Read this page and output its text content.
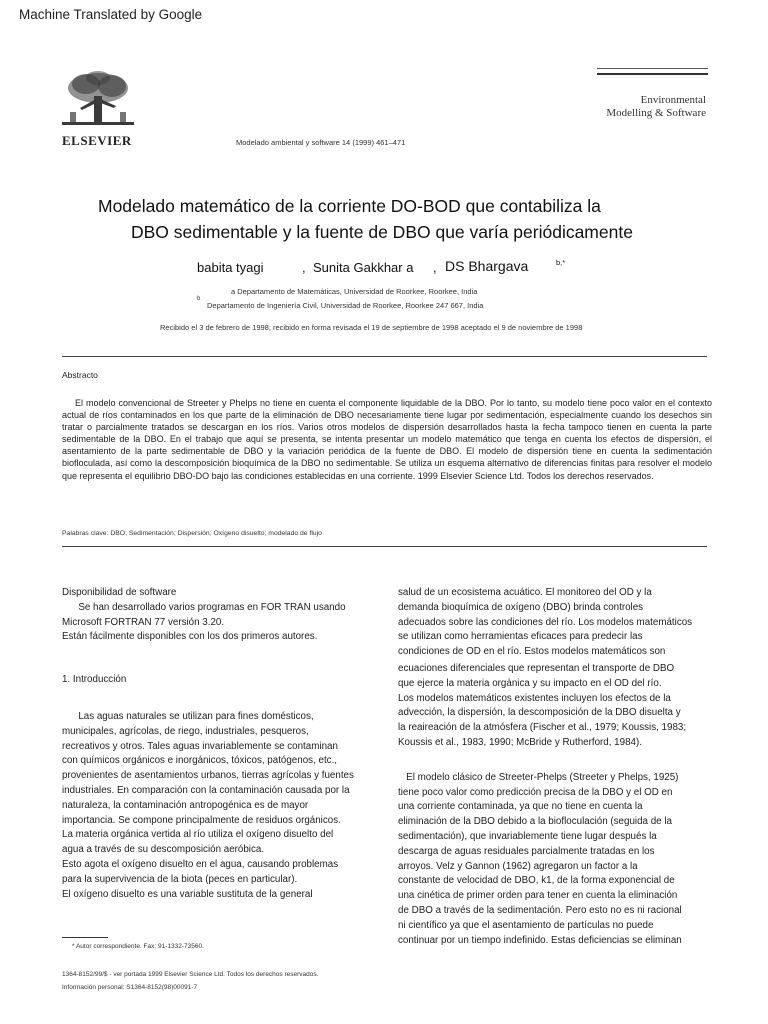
Machine Translated by Google
ELSEVIER	Modelado ambiental y software 14 (1999) 461–471
Environmental
Modelling & Software
Modelado matemático de la corriente DO-BOD que contabiliza la
DBO sedimentable y la fuente de DBO que varía periódicamente
babita tyagi	, Sunita Gakkhar a , DS Bhargava	b,*
a Departamento de Matemáticas, Universidad de Roorkee, Roorkee, India
b
Departamento de Ingeniería Civil, Universidad de Roorkee, Roorkee 247 667, India
Recibido el 3 de febrero de 1998; recibido en forma revisada el 19 de septiembre de 1998 aceptado el 9 de noviembre de 1998
Abstracto
El modelo convencional de Streeter y Phelps no tiene en cuenta el componente liquidable de la DBO. Por lo tanto, su modelo tiene poco valor en el contexto actual de ríos contaminados en los que parte de la eliminación de DBO necesariamente tiene lugar por sedimentación, especialmente cuando los desechos sin tratar o parcialmente tratados se descargan en los ríos. Varios otros modelos de dispersión desarrollados hasta la fecha tampoco tienen en cuenta la parte sedimentable de la DBO. En el trabajo que aquí se presenta, se intenta presentar un modelo matemático que tenga en cuenta los efectos de dispersión, el asentamiento de la parte sedimentable de DBO y la variación periódica de la fuente de DBO. El modelo de dispersión tiene en cuenta la sedimentación biofloculada, así como la descomposición bioquímica de la DBO no sedimentable. Se utiliza un esquema alternativo de diferencias finitas para resolver el modelo que representa el equilibrio DBO-DO bajo las condiciones establecidas en una corriente. 1999 Elsevier Science Ltd. Todos los derechos reservados.
Palabras clave: DBO; Sedimentación; Dispersión; Oxígeno disuelto; modelado de flujo

Disponibilidad de software

Se han desarrollado varios programas en FOR TRAN usando

Microsoft FORTRAN 77 versión 3.20.

Están fácilmente disponibles con los dos primeros autores.

1. Introducción

Las aguas naturales se utilizan para fines domésticos,

municipales, agrícolas, de riego, industriales, pesqueros,

recreativos y otros. Tales aguas invariablemente se contaminan

con químicos orgánicos e inorgánicos, tóxicos, patógenos, etc.,

provenientes de asentamientos urbanos, tierras agrícolas y fuentes

industriales. En comparación con la contaminación causada por la

naturaleza, la contaminación antropogénica es de mayor

importancia. Se compone principalmente de residuos orgánicos.

La materia orgánica vertida al río utiliza el oxígeno disuelto del

agua a través de su descomposición aeróbica.

Esto agota el oxígeno disuelto en el agua, causando problemas

para la supervivencia de la biota (peces en particular).

El oxígeno disuelto es una variable sustituta de la general

* Autor correspondiente. Fax: 91-1332-73560.
1364-8152/99/$ - ver portada 1999 Elsevier Science Ltd. Todos los derechos reservados.
Información personal: S1364-8152(98)00091-7

salud de un ecosistema acuático. El monitoreo del OD y la

demanda bioquímica de oxígeno (DBO) brinda controles

adecuados sobre las condiciones del río. Los modelos matemáticos

se utilizan como herramientas eficaces para predecir las

condiciones de OD en el río. Estos modelos matemáticos son

ecuaciones diferenciales que representan el transporte de DBO

que ejerce la materia orgánica y su impacto en el OD del río.

Los modelos matemáticos existentes incluyen los efectos de la

advección, la dispersión, la descomposición de la DBO disuelta y

la reaireación de la atmósfera (Fischer et al., 1979; Koussis, 1983;

Koussis et al., 1983, 1990; McBride y Rutherford, 1984).

El modelo clásico de Streeter-Phelps (Streeter y Phelps, 1925)

tiene poco valor como predicción precisa de la DBO y el OD en

una corriente contaminada, ya que no tiene en cuenta la

eliminación de la DBO debido a la biofloculación (seguida de la

sedimentación), que invariablemente tiene lugar después la

descarga de aguas residuales parcialmente tratadas en los

arroyos. Velz y Gannon (1962) agregaron un factor a la

constante de velocidad de DBO, k1, de la forma exponencial de

una cinética de primer orden para tener en cuenta la eliminación

de DBO a través de la sedimentación. Pero esto no es ni racional

ni científico ya que el asentamiento de partículas no puede

continuar por un tiempo indefinido. Estas deficiencias se eliminan
